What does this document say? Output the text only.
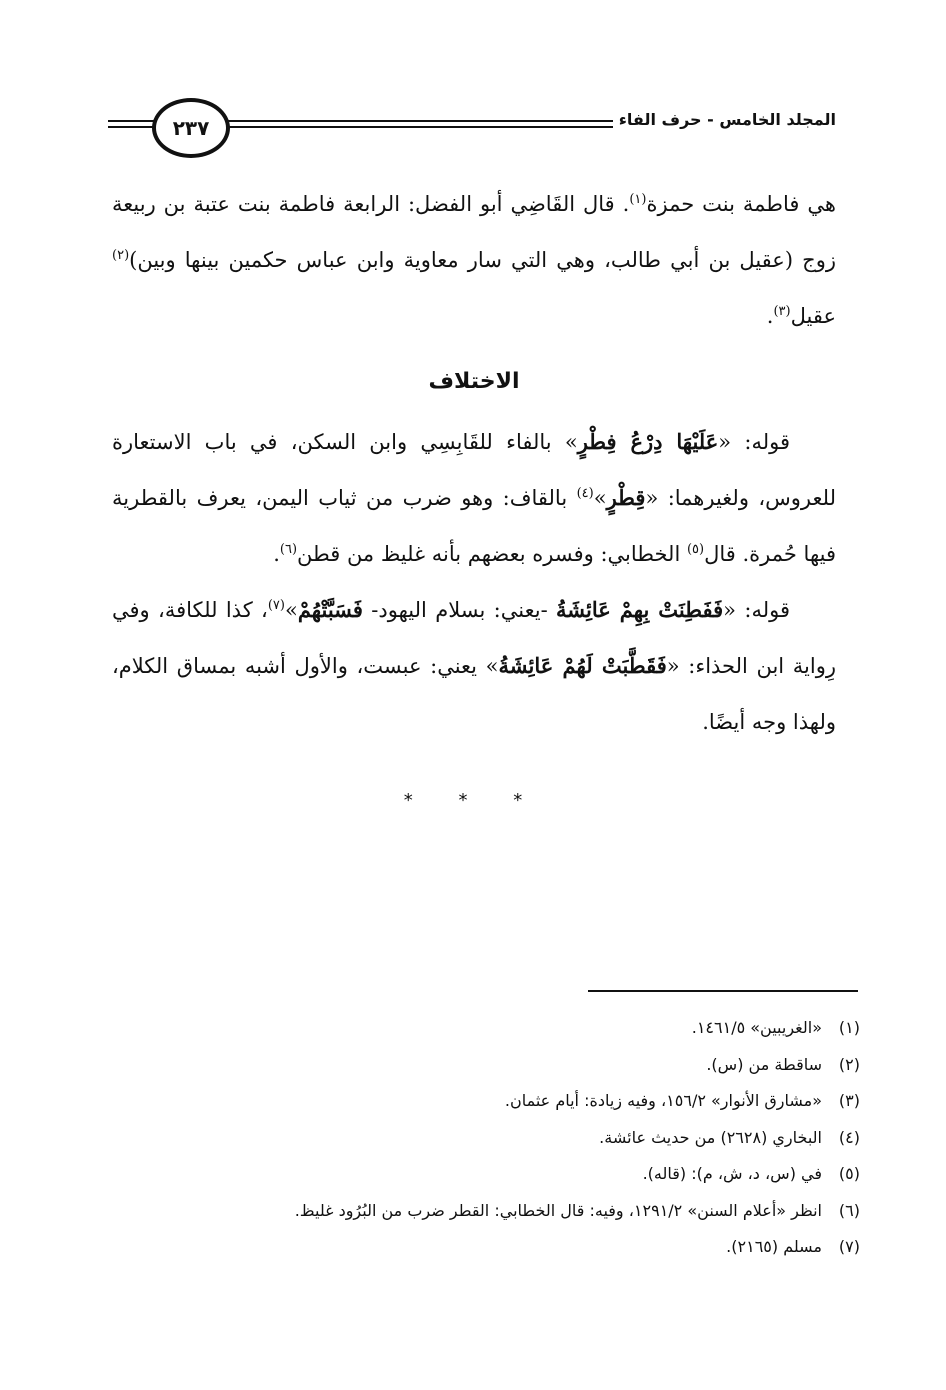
٢٣٧	المجلد الخامس - حرف الفاء

هي فاطمة بنت حمزة$^{(١)}$. قال القَاضِي أبو الفضل: الرابعة فاطمة بنت عتبة بن ربيعة زوج (عقيل بن أبي طالب، وهي التي سار معاوية وابن عباس حكمين بينها وبين)$^{(٢)}$ عقيل$^{(٣)}$.

الاختلاف

قوله: «عَلَيْهَا دِرْعُ فِطْرٍ» بالفاء للقَابِسِي وابن السكن، في باب الاستعارة للعروس، ولغيرهما: «قِطْرٍ»$^{(٤)}$ بالقاف: وهو ضرب من ثياب اليمن، يعرف بالقطرية فيها حُمرة. قال$^{(٥)}$ الخطابي: وفسره بعضهم بأنه غليظ من قطن$^{(٦)}$.

قوله: «فَفَطِنَتْ بِهِمْ عَائِشَةُ -يعني: بسلام اليهود- فَسَبَّتْهُمْ»$^{(٧)}$، كذا للكافة، وفي رِواية ابن الحذاء: «فَقَطَّبَتْ لَهُمْ عَائِشَةُ» يعني: عبست، والأول أشبه بمساق الكلام، ولهذا وجه أيضًا.

* * *
(١)«الغريبين» ١٤٦١/٥.
(٢)ساقطة من (س).
(٣)«مشارق الأنوار» ١٥٦/٢، وفيه زيادة: أيام عثمان.
(٤)البخاري (٢٦٢٨) من حديث عائشة.
(٥)في (س، د، ش، م): (قاله).
(٦)انظر «أعلام السنن» ١٢٩١/٢، وفيه: قال الخطابي: القطر ضرب من البُرُود غليظ.
(٧)مسلم (٢١٦٥).
